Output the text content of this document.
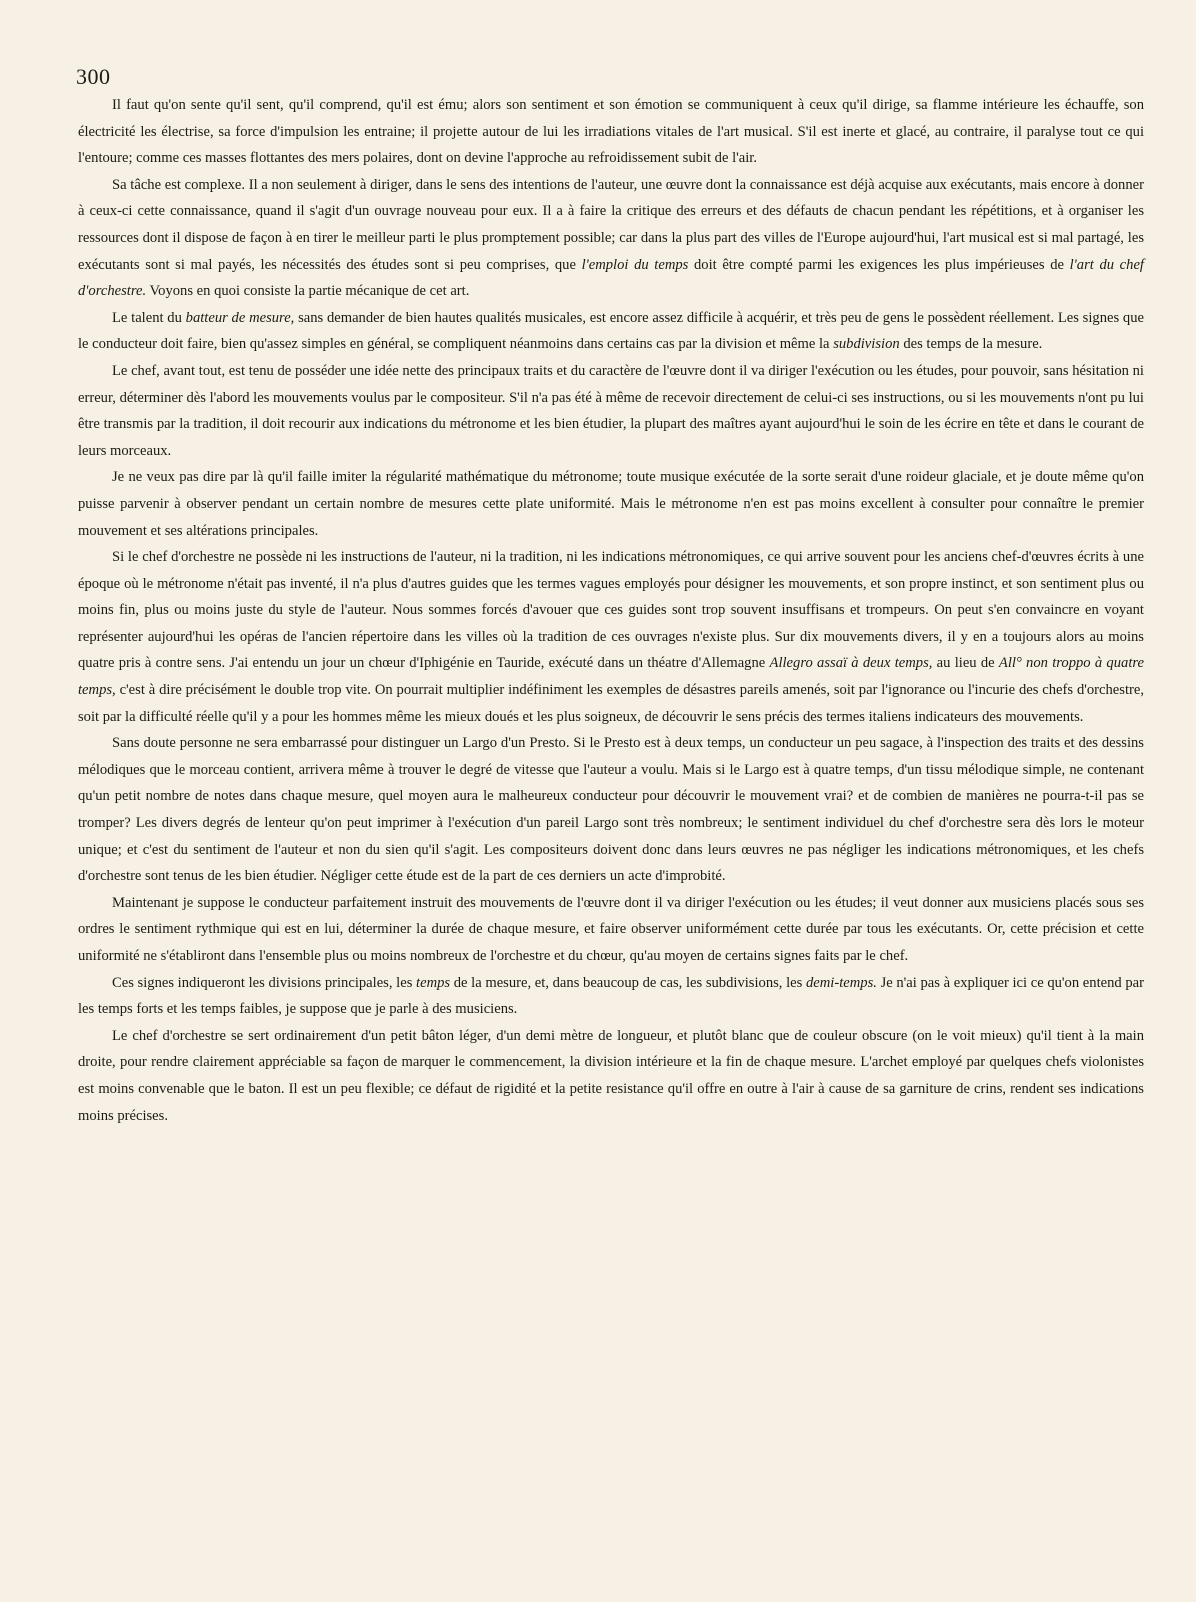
300

Il faut qu'on sente qu'il sent, qu'il comprend, qu'il est ému; alors son sentiment et son émotion se communiquent à ceux qu'il dirige, sa flamme intérieure les échauffe, son électricité les électrise, sa force d'impulsion les entraine; il projette autour de lui les irradiations vitales de l'art musical. S'il est inerte et glacé, au contraire, il paralyse tout ce qui l'entoure; comme ces masses flottantes des mers polaires, dont on devine l'approche au refroidissement subit de l'air.

Sa tâche est complexe. Il a non seulement à diriger, dans le sens des intentions de l'auteur, une œuvre dont la connaissance est déjà acquise aux exécutants, mais encore à donner à ceux-ci cette connaissance, quand il s'agit d'un ouvrage nouveau pour eux. Il a à faire la critique des erreurs et des défauts de chacun pendant les répétitions, et à organiser les ressources dont il dispose de façon à en tirer le meilleur parti le plus promptement possible; car dans la plus part des villes de l'Europe aujourd'hui, l'art musical est si mal partagé, les exécutants sont si mal payés, les nécessités des études sont si peu comprises, que l'emploi du temps doit être compté parmi les exigences les plus impérieuses de l'art du chef d'orchestre. Voyons en quoi consiste la partie mécanique de cet art.

Le talent du batteur de mesure, sans demander de bien hautes qualités musicales, est encore assez difficile à acquérir, et très peu de gens le possèdent réellement. Les signes que le conducteur doit faire, bien qu'assez simples en général, se compliquent néanmoins dans certains cas par la division et même la subdivision des temps de la mesure.

Le chef, avant tout, est tenu de posséder une idée nette des principaux traits et du caractère de l'œuvre dont il va diriger l'exécution ou les études, pour pouvoir, sans hésitation ni erreur, déterminer dès l'abord les mouvements voulus par le compositeur. S'il n'a pas été à même de recevoir directement de celui-ci ses instructions, ou si les mouvements n'ont pu lui être transmis par la tradition, il doit recourir aux indications du métronome et les bien étudier, la plupart des maîtres ayant aujourd'hui le soin de les écrire en tête et dans le courant de leurs morceaux.

Je ne veux pas dire par là qu'il faille imiter la régularité mathématique du métronome; toute musique exécutée de la sorte serait d'une roideur glaciale, et je doute même qu'on puisse parvenir à observer pendant un certain nombre de mesures cette plate uniformité. Mais le métronome n'en est pas moins excellent à consulter pour connaître le premier mouvement et ses altérations principales.

Si le chef d'orchestre ne possède ni les instructions de l'auteur, ni la tradition, ni les indications métronomiques, ce qui arrive souvent pour les anciens chef-d'œuvres écrits à une époque où le métronome n'était pas inventé, il n'a plus d'autres guides que les termes vagues employés pour désigner les mouvements, et son propre instinct, et son sentiment plus ou moins fin, plus ou moins juste du style de l'auteur. Nous sommes forcés d'avouer que ces guides sont trop souvent insuffisans et trompeurs. On peut s'en convaincre en voyant représenter aujourd'hui les opéras de l'ancien répertoire dans les villes où la tradition de ces ouvrages n'existe plus. Sur dix mouvements divers, il y en a toujours alors au moins quatre pris à contre sens. J'ai entendu un jour un chœur d'Iphigénie en Tauride, exécuté dans un théatre d'Allemagne Allegro assaï à deux temps, au lieu de All° non troppo à quatre temps, c'est à dire précisément le double trop vite. On pourrait multiplier indéfiniment les exemples de désastres pareils amenés, soit par l'ignorance ou l'incurie des chefs d'orchestre, soit par la difficulté réelle qu'il y a pour les hommes même les mieux doués et les plus soigneux, de découvrir le sens précis des termes italiens indicateurs des mouvements.

Sans doute personne ne sera embarrassé pour distinguer un Largo d'un Presto. Si le Presto est à deux temps, un conducteur un peu sagace, à l'inspection des traits et des dessins mélodiques que le morceau contient, arrivera même à trouver le degré de vitesse que l'auteur a voulu. Mais si le Largo est à quatre temps, d'un tissu mélodique simple, ne contenant qu'un petit nombre de notes dans chaque mesure, quel moyen aura le malheureux conducteur pour découvrir le mouvement vrai? et de combien de manières ne pourra-t-il pas se tromper? Les divers degrés de lenteur qu'on peut imprimer à l'exécution d'un pareil Largo sont très nombreux; le sentiment individuel du chef d'orchestre sera dès lors le moteur unique; et c'est du sentiment de l'auteur et non du sien qu'il s'agit. Les compositeurs doivent donc dans leurs œuvres ne pas négliger les indications métronomiques, et les chefs d'orchestre sont tenus de les bien étudier. Négliger cette étude est de la part de ces derniers un acte d'improbité.

Maintenant je suppose le conducteur parfaitement instruit des mouvements de l'œuvre dont il va diriger l'exécution ou les études; il veut donner aux musiciens placés sous ses ordres le sentiment rythmique qui est en lui, déterminer la durée de chaque mesure, et faire observer uniformément cette durée par tous les exécutants. Or, cette précision et cette uniformité ne s'établiront dans l'ensemble plus ou moins nombreux de l'orchestre et du chœur, qu'au moyen de certains signes faits par le chef.

Ces signes indiqueront les divisions principales, les temps de la mesure, et, dans beaucoup de cas, les subdivisions, les demi-temps. Je n'ai pas à expliquer ici ce qu'on entend par les temps forts et les temps faibles, je suppose que je parle à des musiciens.

Le chef d'orchestre se sert ordinairement d'un petit bâton léger, d'un demi mètre de longueur, et plutôt blanc que de couleur obscure (on le voit mieux) qu'il tient à la main droite, pour rendre clairement appréciable sa façon de marquer le commencement, la division intérieure et la fin de chaque mesure. L'archet employé par quelques chefs violonistes est moins convenable que le baton. Il est un peu flexible; ce défaut de rigidité et la petite resistance qu'il offre en outre à l'air à cause de sa garniture de crins, rendent ses indications moins précises.
